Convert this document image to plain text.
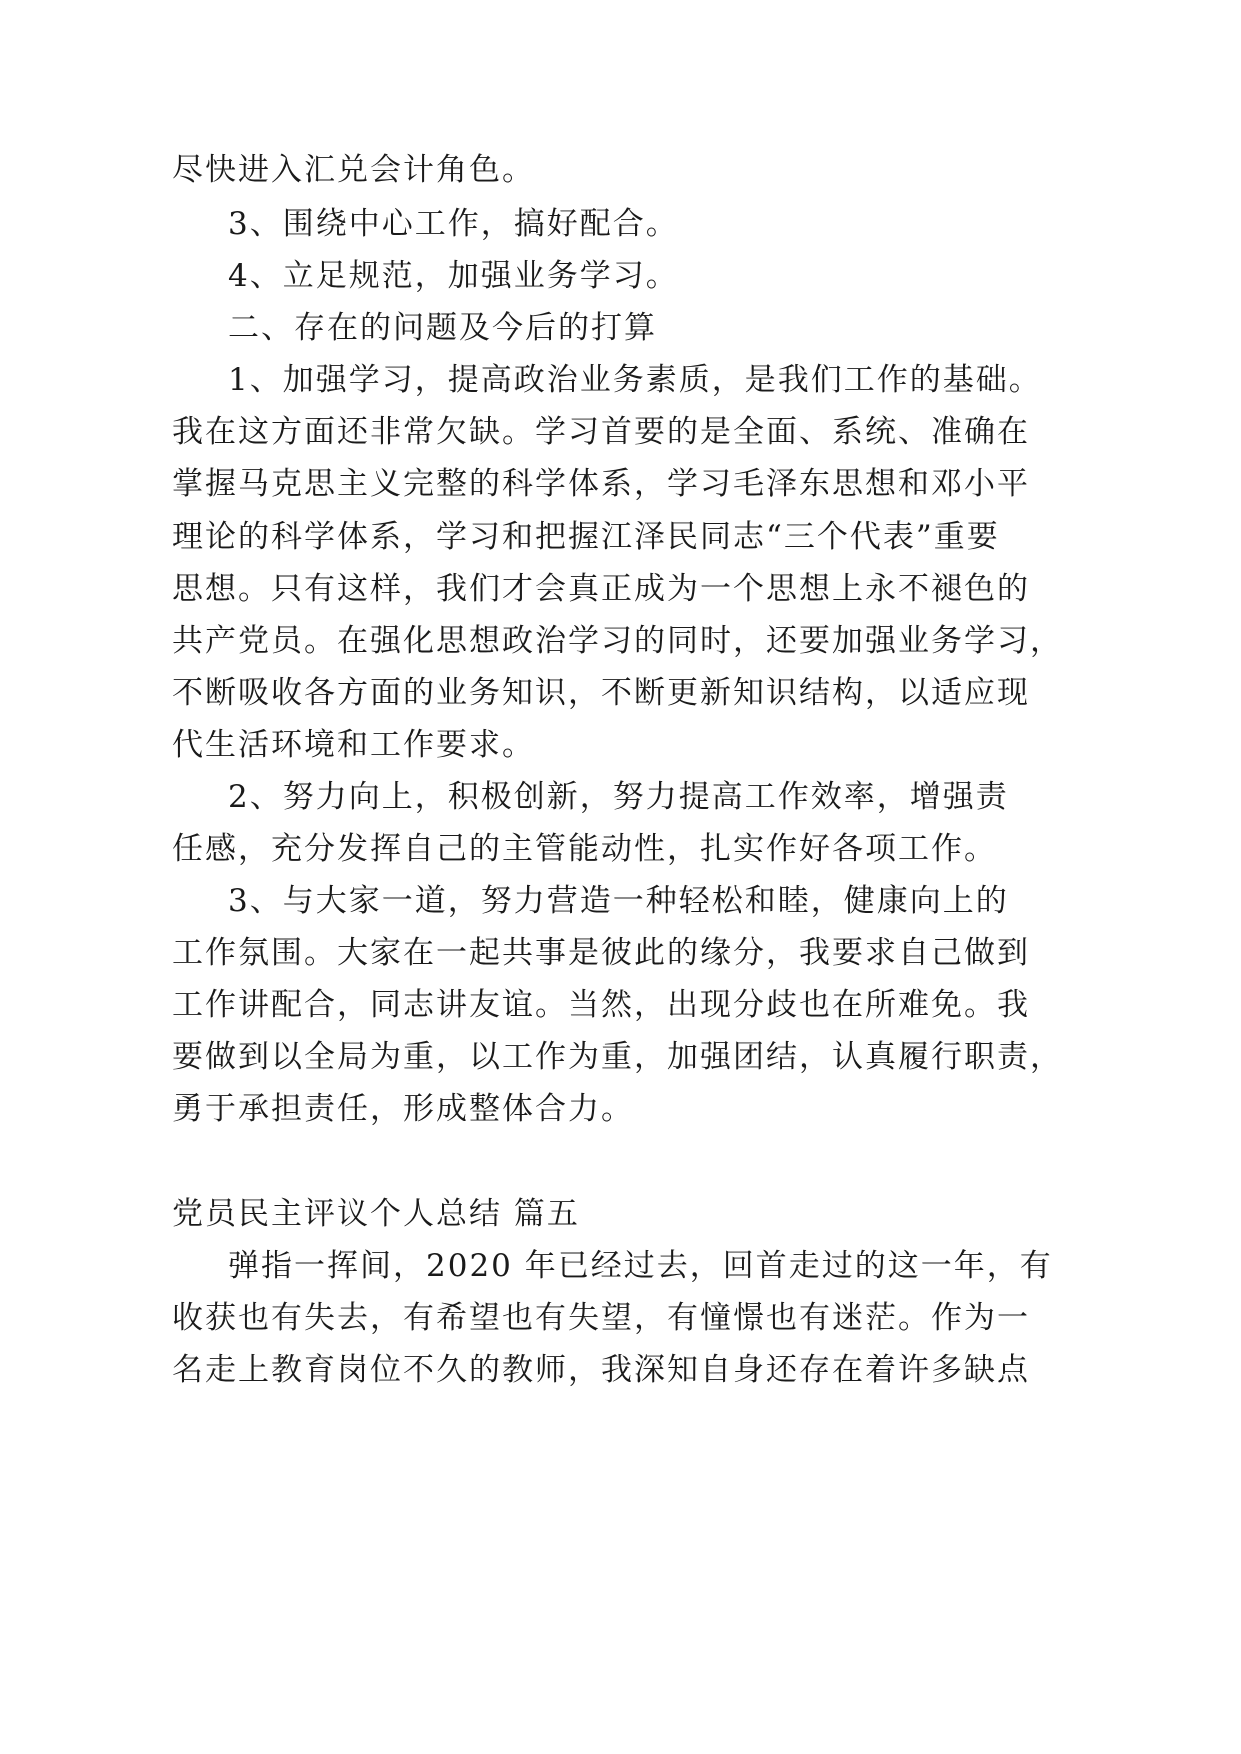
尽快进入汇兑会计角色。
3、围绕中心工作，搞好配合。
4、立足规范，加强业务学习。
二、存在的问题及今后的打算
1、加强学习，提高政治业务素质，是我们工作的基础。
我在这方面还非常欠缺。学习首要的是全面、系统、准确在
掌握马克思主义完整的科学体系，学习毛泽东思想和邓小平
理论的科学体系，学习和把握江泽民同志“三个代表”重要
思想。只有这样，我们才会真正成为一个思想上永不褪色的
共产党员。在强化思想政治学习的同时，还要加强业务学习，
不断吸收各方面的业务知识，不断更新知识结构，以适应现
代生活环境和工作要求。
2、努力向上，积极创新，努力提高工作效率，增强责
任感，充分发挥自己的主管能动性，扎实作好各项工作。
3、与大家一道，努力营造一种轻松和睦，健康向上的
工作氛围。大家在一起共事是彼此的缘分，我要求自己做到
工作讲配合，同志讲友谊。当然，出现分歧也在所难免。我
要做到以全局为重，以工作为重，加强团结，认真履行职责，
勇于承担责任，形成整体合力。
党员民主评议个人总结 篇五
弹指一挥间，2020 年已经过去，回首走过的这一年，有
收获也有失去，有希望也有失望，有憧憬也有迷茫。作为一
名走上教育岗位不久的教师，我深知自身还存在着许多缺点
